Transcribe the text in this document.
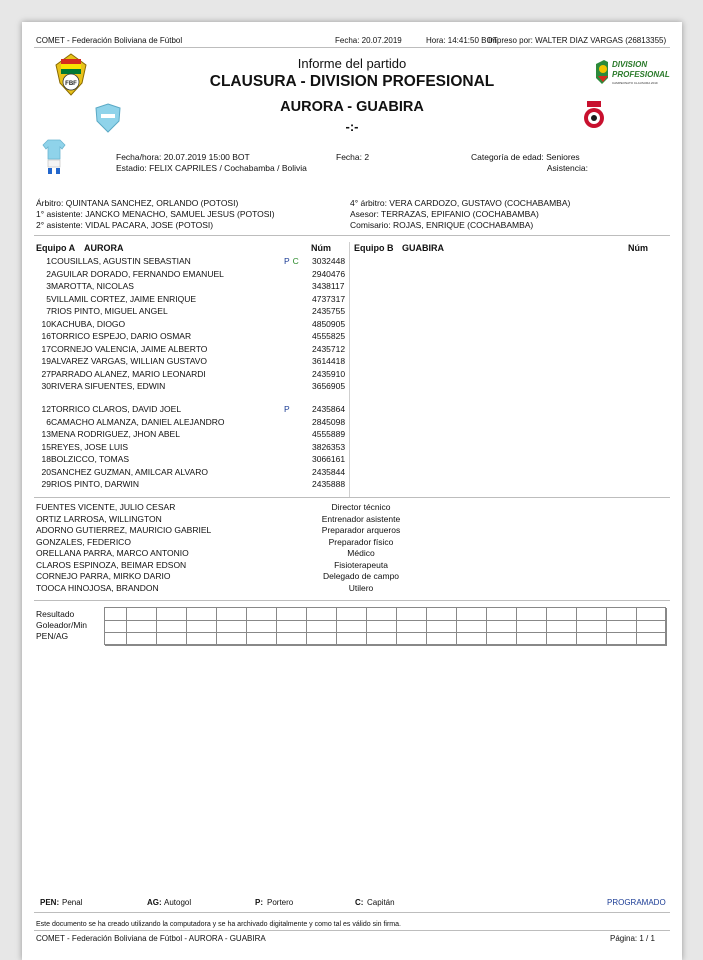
COMET - Federación Boliviana de Fútbol	Fecha: 20.07.2019	Hora: 14:41:50 BOT
Impreso por: WALTER DIAZ VARGAS (26813355)
FBF
DIVISION
PROFESIONAL
CAMPEONATO CLAUSURA 2019
Informe del partido
CLAUSURA - DIVISION PROFESIONAL
AURORA - GUABIRA
-:-
Fecha/hora: 20.07.2019 15:00 BOT
Estadio: FELIX CAPRILES / Cochabamba / Bolivia
Fecha: 2	Categoría de edad: Seniores
Asistencia:
Árbitro: QUINTANA SANCHEZ, ORLANDO (POTOSI)
1° asistente: JANCKO MENACHO, SAMUEL JESUS (POTOSI)
2° asistente: VIDAL PACARA, JOSE (POTOSI)
4° árbitro: VERA CARDOZO, GUSTAVO (COCHABAMBA)
Asesor: TERRAZAS, EPIFANIO (COCHABAMBA)
Comisario: ROJAS, ENRIQUE (COCHABAMBA)
Equipo A AURORA	Núm	Equipo B GUABIRA	Núm
1 COUSILLAS, AGUSTIN SEBASTIAN	PC 3032448
2 AGUILAR DORADO, FERNANDO EMANUEL	2940476
3 MAROTTA, NICOLAS	3438117
5 VILLAMIL CORTEZ, JAIME ENRIQUE	4737317
7 RIOS PINTO, MIGUEL ANGEL	2435755
10 KACHUBA, DIOGO	4850905
16 TORRICO ESPEJO, DARIO OSMAR	4555825
17 CORNEJO VALENCIA, JAIME ALBERTO	2435712
19 ALVAREZ VARGAS, WILLIAN GUSTAVO	3614418
27 PARRADO ALANEZ, MARIO LEONARDI	2435910
30 RIVERA SIFUENTES, EDWIN	3656905
12 TORRICO CLAROS, DAVID JOEL	P 2435864
6 CAMACHO ALMANZA, DANIEL ALEJANDRO	2845098
13 MENA RODRIGUEZ, JHON ABEL	4555889
15 REYES, JOSE LUIS	3826353
18 BOLZICCO, TOMAS	3066161
20 SANCHEZ GUZMAN, AMILCAR ALVARO	2435844
29 RIOS PINTO, DARWIN	2435888
FUENTES VICENTE, JULIO CESAR	Director técnico
ORTIZ LARROSA, WILLINGTON	Entrenador asistente
ADORNO GUTIERREZ, MAURICIO GABRIEL	Preparador arqueros
GONZALES, FEDERICO	Preparador físico
ORELLANA PARRA, MARCO ANTONIO	Médico
CLAROS ESPINOZA, BEIMAR EDSON	Fisioterapeuta
CORNEJO PARRA, MIRKO DARIO	Delegado de campo
TOOCA HINOJOSA, BRANDON	Utilero
Resultado
Goleador/Min
PEN/AG
PEN: Penal	AG: Autogol	P: Portero	C: Capitán	PROGRAMADO
Este documento se ha creado utilizando la computadora y se ha archivado digitalmente y como tal es válido sin firma.
COMET - Federación Boliviana de Fútbol - AURORA - GUABIRA	Página: 1 / 1
